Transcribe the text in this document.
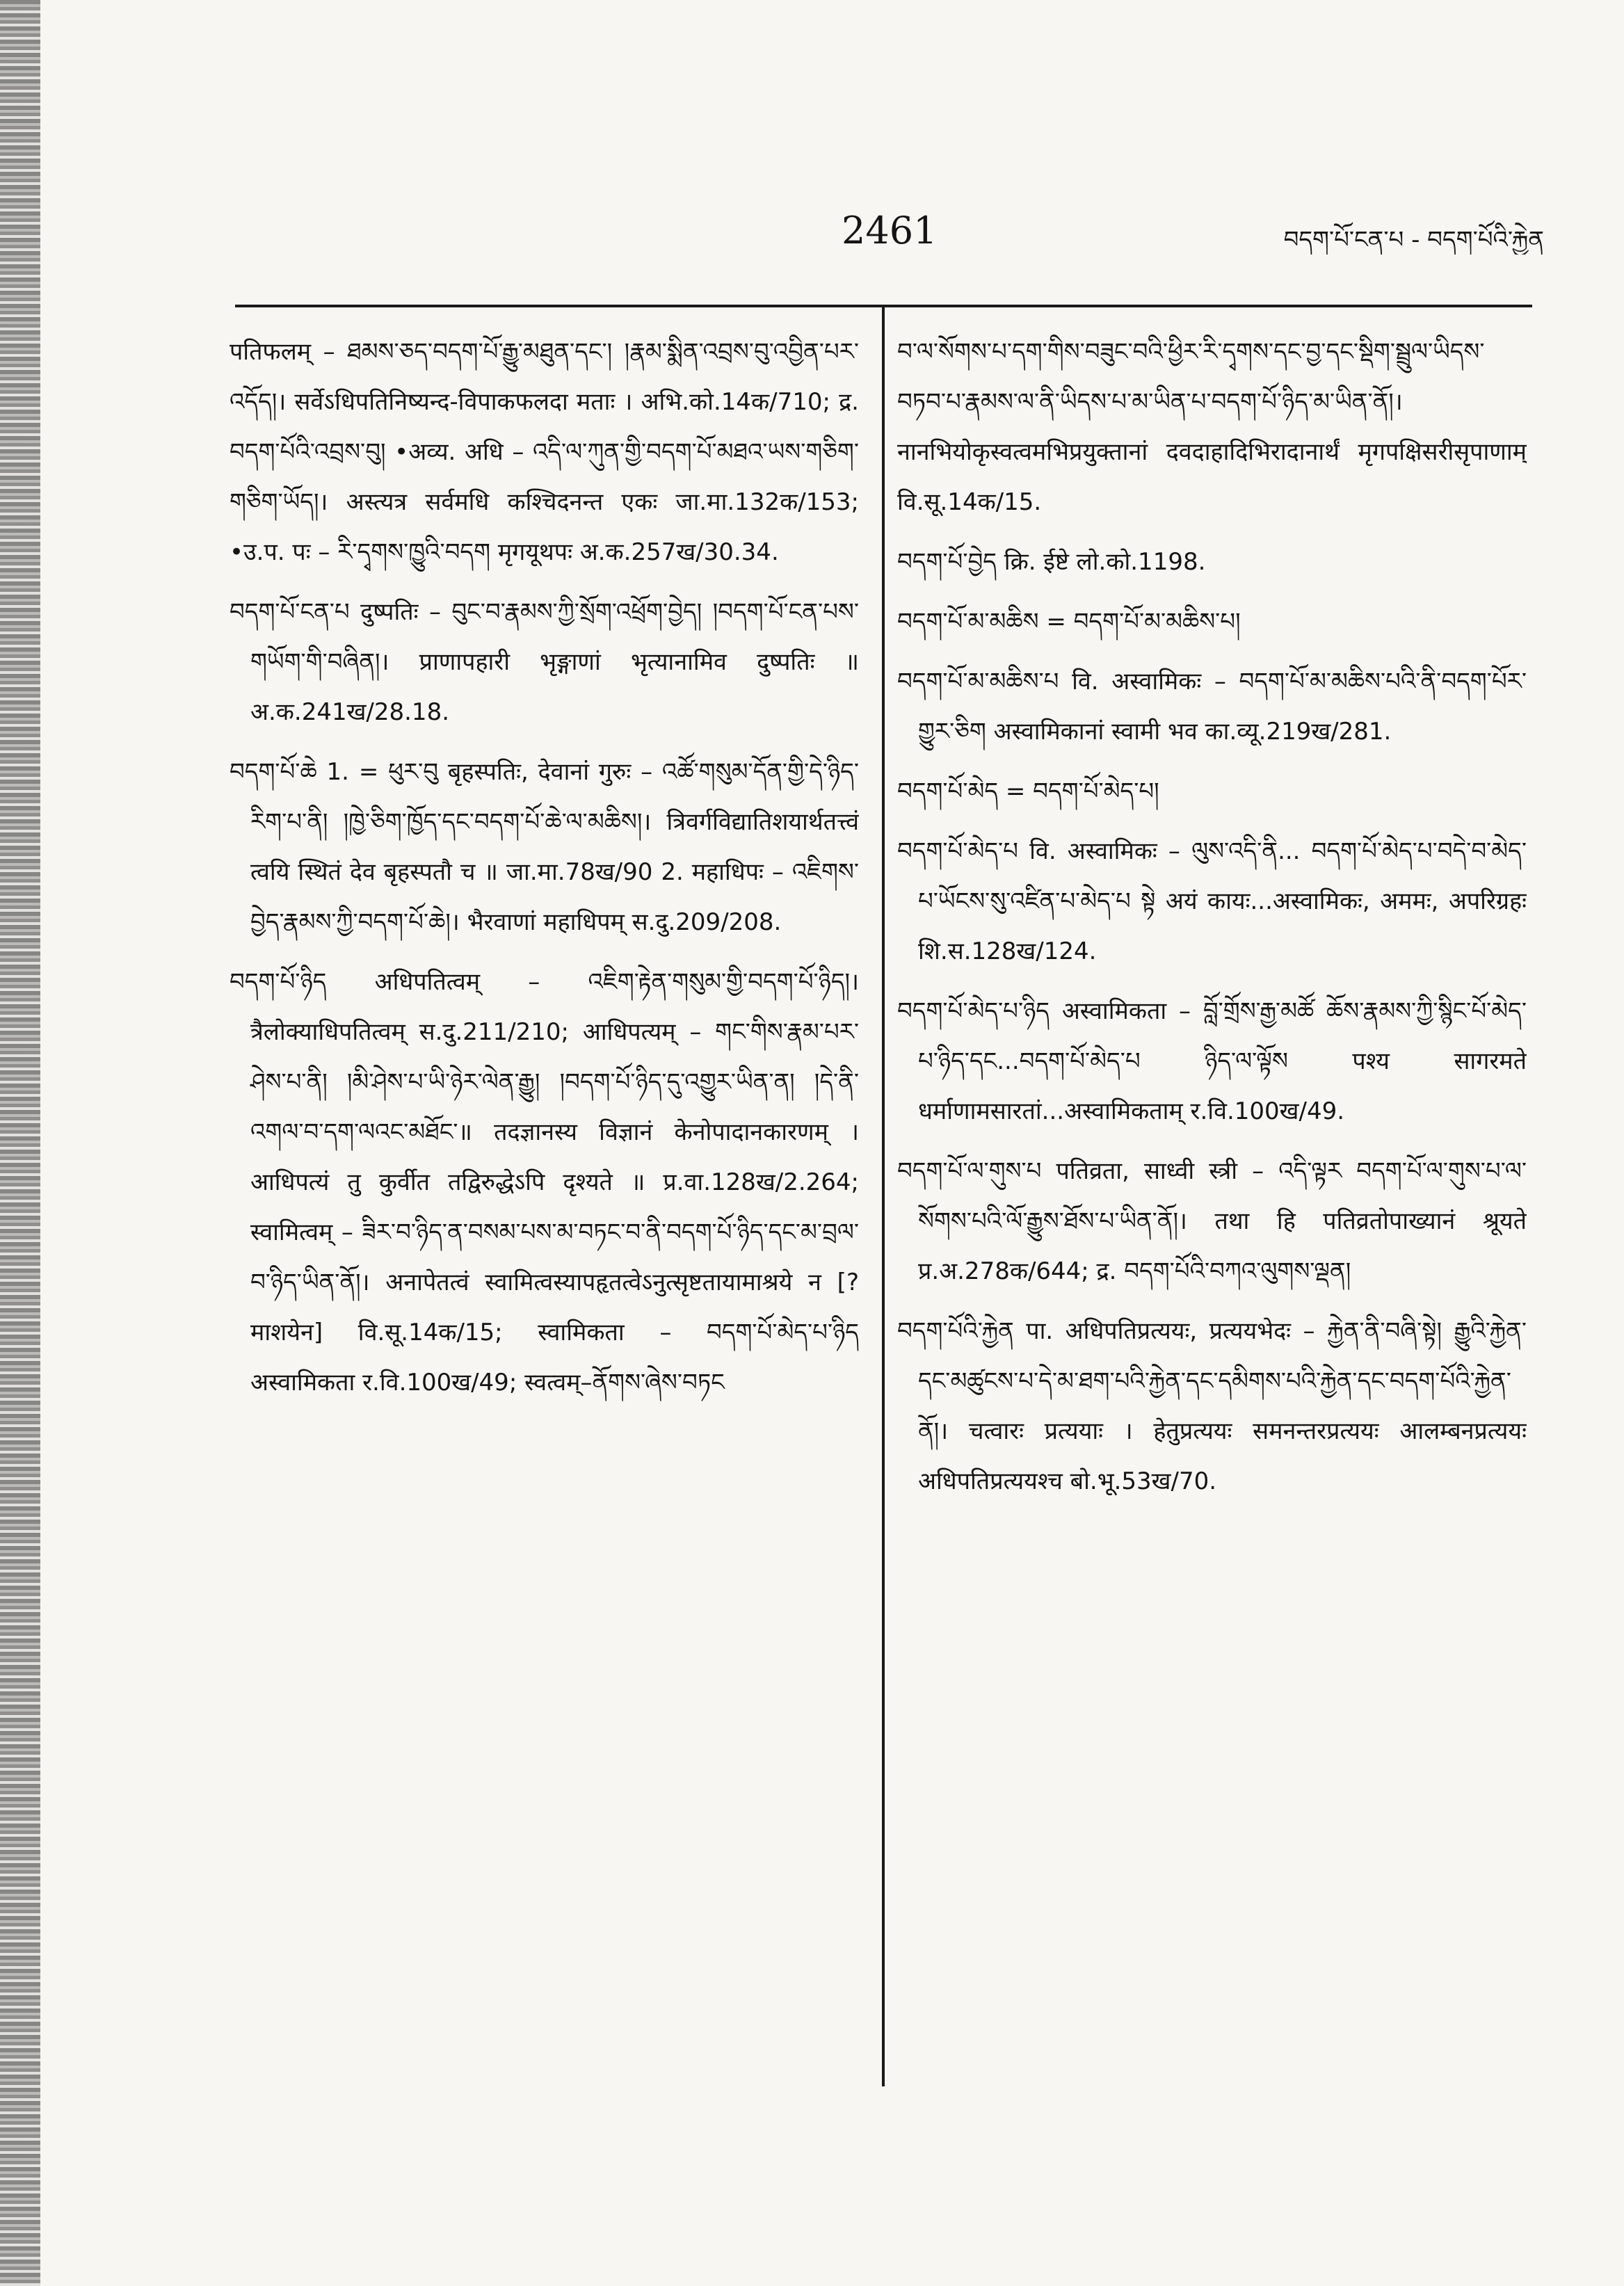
2461	བདག་པོ་ངན་པ - བདག་པོའི་རྐྱེན

पतिफलम् – ཐམས་ཅད་བདག་པོ་རྒྱུ་མཐུན་དང་། །རྣམ་སྨིན་འབྲས་བུ་འབྱིན་པར་འདོད།। सर्वेऽधिपतिनिष्यन्द-विपाकफलदा मताः । अभि.को.14क/710; द्र. བདག་པོའི་འབྲས་བུ། •अव्य. अधि – འདི་ལ་ཀུན་གྱི་བདག་པོ་མཐའ་ཡས་གཅིག་གཅིག་ཡོད།। अस्त्यत्र सर्वमधि कश्चिदनन्त एकः जा.मा.132क/153; •उ.प. पः – རི་དྭགས་ཁྱུའི་བདག मृगयूथपः अ.क.257ख/30.34.

བདག་པོ་ངན་པ दुष्पतिः – བུང་བ་རྣམས་ཀྱི་སྲོག་འཕྲོག་བྱེད། །བདག་པོ་ངན་པས་གཡོག་གི་བཞིན།। प्राणापहारी भृङ्गाणां भृत्यानामिव दुष्पतिः ॥ अ.क.241ख/28.18.

བདག་པོ་ཆེ 1. = ཕུར་བུ बृहस्पतिः, देवानां गुरुः – འཚོ་གསུམ་དོན་གྱི་དེ་ཉིད་རིག་པ་ནི། །ཁྱེ་ཅིག་ཁྱོད་དང་བདག་པོ་ཆེ་ལ་མཆིས།। त्रिवर्गविद्यातिशयार्थतत्त्वं त्वयि स्थितं देव बृहस्पतौ च ॥ जा.मा.78ख/90 2. महाधिपः – འཇིགས་བྱེད་རྣམས་ཀྱི་བདག་པོ་ཆེ།। भैरवाणां महाधिपम् स.दु.209/208.

བདག་པོ་ཉིད अधिपतित्वम् – འཇིག་རྟེན་གསུམ་གྱི་བདག་པོ་ཉིད།। त्रैलोक्याधिपतित्वम् स.दु.211/210; आधिपत्यम् – གང་གིས་རྣམ་པར་ཤེས་པ་ནི། །མི་ཤེས་པ་ཡི་ཉེར་ལེན་རྒྱུ། །བདག་པོ་ཉིད་དུ་འགྱུར་ཡིན་ན། །དེ་ནི་འགལ་བ་དག་ལའང་མཐོང་॥ तदज्ञानस्य विज्ञानं केनोपादानकारणम् । आधिपत्यं तु कुर्वीत तद्विरुद्धेऽपि दृश्यते ॥ प्र.वा.128ख/2.264; स्वामित्वम् – ཟིར་བ་ཉིད་ན་བསམ་པས་མ་བཏང་བ་ནི་བདག་པོ་ཉིད་དང་མ་བྲལ་བ་ཉིད་ཡིན་ནོ།। अनापेतत्वं स्वामित्वस्यापहृतत्वेऽनुत्सृष्टतायामाश्रये न [? माशयेन] वि.सू.14क/15; स्वामिकता – བདག་པོ་མེད་པ་ཉིད अस्वामिकता र.वि.100ख/49; स्वत्वम्–ནོགས་ཞེས་བཏང

བ་ལ་སོགས་པ་དག་གིས་བཟུང་བའི་ཕྱིར་རི་དྭགས་དང་བྱ་དང་སྡིག་སྦྲུལ་ཡིདས་བཏབ་པ་རྣམས་ལ་ནི་ཡིདས་པ་མ་ཡིན་པ་བདག་པོ་ཉིད་མ་ཡིན་ནོ།। नानभियोकृस्वत्वमभिप्रयुक्तानां दवदाहादिभिरादानार्थं मृगपक्षिसरीसृपाणाम् वि.सू.14क/15.

བདག་པོ་བྱེད क्रि. ईष्टे लो.को.1198.

བདག་པོ་མ་མཆིས = བདག་པོ་མ་མཆིས་པ།

བདག་པོ་མ་མཆིས་པ वि. अस्वामिकः – བདག་པོ་མ་མཆིས་པའི་ནི་བདག་པོར་གྱུར་ཅིག अस्वामिकानां स्वामी भव का.व्यू.219ख/281.

བདག་པོ་མེད = བདག་པོ་མེད་པ།

བདག་པོ་མེད་པ वि. अस्वामिकः – ལུས་འདི་ནི... བདག་པོ་མེད་པ་བདེ་བ་མེད་པ་ཡོངས་སུ་འཛིན་པ་མེད་པ སྟེ अयं कायः...अस्वामिकः, अममः, अपरिग्रहः शि.स.128ख/124.

བདག་པོ་མེད་པ་ཉིད अस्वामिकता – བློ་གྲོས་རྒྱ་མཚོ ཆོས་རྣམས་ཀྱི་སྙིང་པོ་མེད་པ་ཉིད་དང...བདག་པོ་མེད་པ ཉིད་ལ་ལྟོས पश्य सागरमते धर्माणामसारतां...अस्वामिकताम् र.वि.100ख/49.

བདག་པོ་ལ་གུས་པ पतिव्रता, साध्वी स्त्री – འདི་ལྟར བདག་པོ་ལ་གུས་པ་ལ་སོགས་པའི་ལོ་རྒྱུས་ཐོས་པ་ཡིན་ནོ།। तथा हि पतिव्रतोपाख्यानं श्रूयते प्र.अ.278क/644; द्र. བདག་པོའི་བཀའ་ལུགས་ལྡན།

བདག་པོའི་རྐྱེན पा. अधिपतिप्रत्ययः, प्रत्ययभेदः – རྐྱེན་ནི་བཞི་སྟེ། རྒྱུའི་རྐྱེན་དང་མཚུངས་པ་དེ་མ་ཐག་པའི་རྐྱེན་དང་དམིགས་པའི་རྐྱེན་དང་བདག་པོའི་རྐྱེན་ནོ།। चत्वारः प्रत्ययाः । हेतुप्रत्ययः समनन्तरप्रत्ययः आलम्बनप्रत्ययः अधिपतिप्रत्ययश्च बो.भू.53ख/70.
